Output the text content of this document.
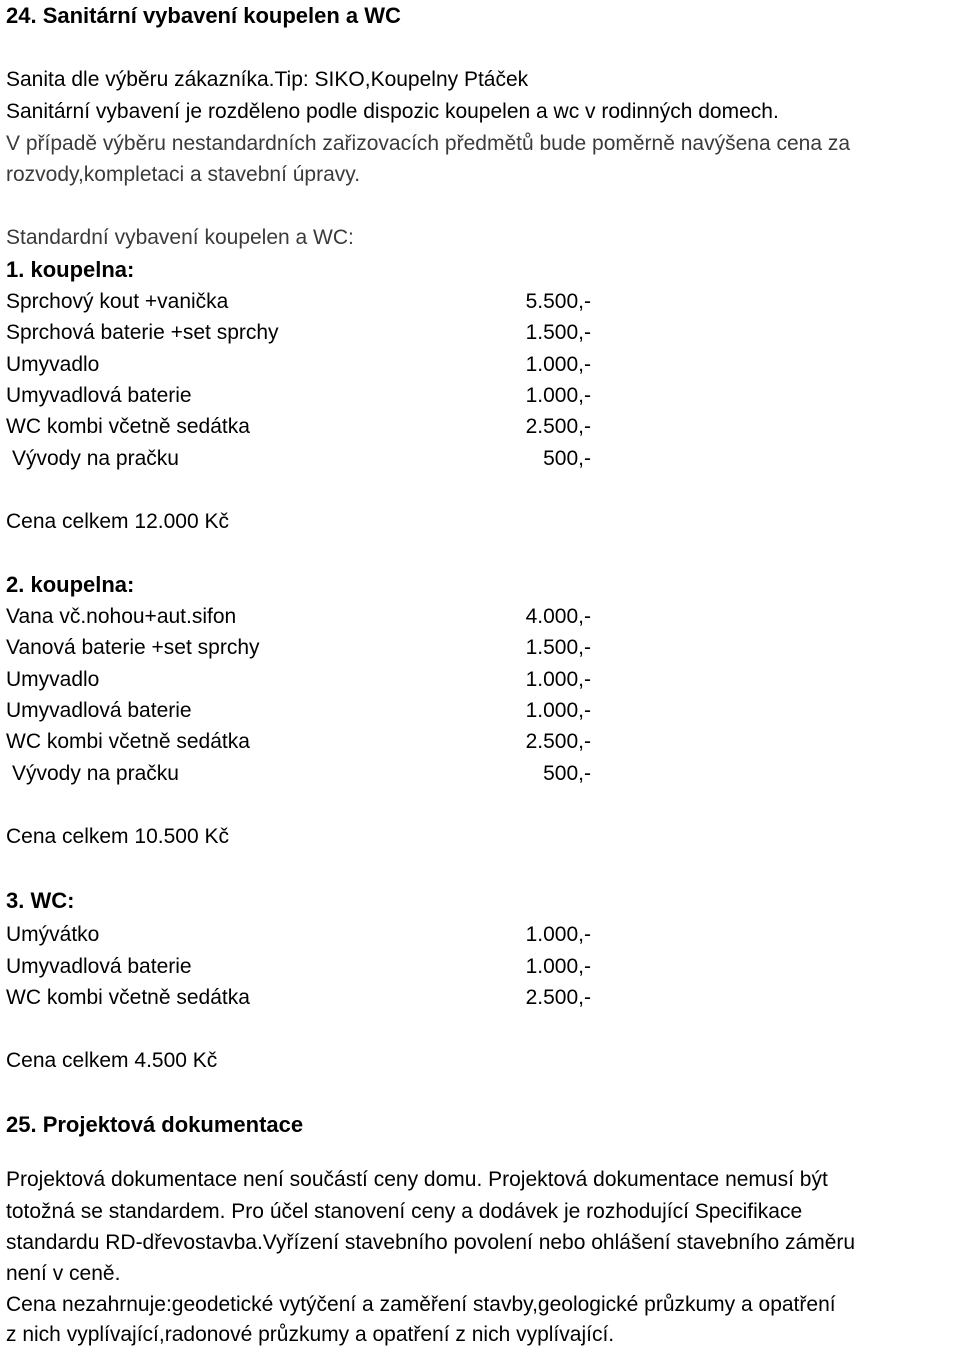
24. Sanitární vybavení koupelen a WC
Sanita dle výběru zákazníka.Tip: SIKO,Koupelny Ptáček
Sanitární vybavení je rozděleno podle dispozic koupelen a wc v rodinných domech.
V případě výběru nestandardních zařizovacích předmětů bude poměrně navýšena cena za
rozvody,kompletaci a stavební úpravy.
Standardní vybavení koupelen a WC:
1. koupelna:
Sprchový kout +vanička	5.500,-
Sprchová baterie +set sprchy	1.500,-
Umyvadlo	1.000,-
Umyvadlová baterie	1.000,-
WC kombi včetně sedátka	2.500,-
Vývody na pračku	500,-
Cena celkem 12.000 Kč
2. koupelna:
Vana vč.nohou+aut.sifon	4.000,-
Vanová baterie +set sprchy	1.500,-
Umyvadlo	1.000,-
Umyvadlová baterie	1.000,-
WC kombi včetně sedátka	2.500,-
Vývody na pračku	500,-
Cena celkem 10.500 Kč
3. WC:
Umývátko	1.000,-
Umyvadlová baterie	1.000,-
WC kombi včetně sedátka	2.500,-
Cena celkem 4.500 Kč
25. Projektová dokumentace
Projektová dokumentace není součástí ceny domu. Projektová dokumentace nemusí být
totožná se standardem. Pro účel stanovení ceny a dodávek je rozhodující Specifikace
standardu RD-dřevostavba.Vyřízení stavebního povolení nebo ohlášení stavebního záměru
není v ceně.
Cena nezahrnuje:geodetické vytýčení a zaměření stavby,geologické průzkumy a opatření
z nich vyplívající,radonové průzkumy a opatření z nich vyplívající.
